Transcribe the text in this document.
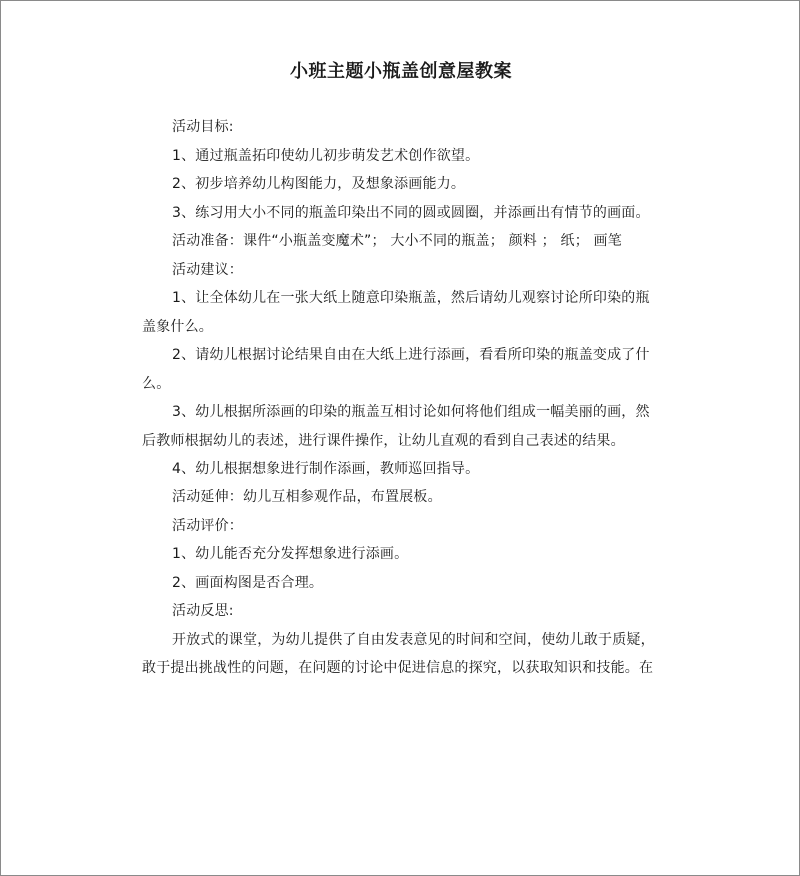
小班主题小瓶盖创意屋教案
活动目标:
1、通过瓶盖拓印使幼儿初步萌发艺术创作欲望。
2、初步培养幼儿构图能力，及想象添画能力。
3、练习用大小不同的瓶盖印染出不同的圆或圆圈，并添画出有情节的画面。
活动准备：课件“小瓶盖变魔术”； 大小不同的瓶盖； 颜料 ； 纸； 画笔
活动建议：
1、让全体幼儿在一张大纸上随意印染瓶盖，然后请幼儿观察讨论所印染的瓶
盖象什么。
2、请幼儿根据讨论结果自由在大纸上进行添画，看看所印染的瓶盖变成了什
么。
3、幼儿根据所添画的印染的瓶盖互相讨论如何将他们组成一幅美丽的画，然
后教师根据幼儿的表述，进行课件操作，让幼儿直观的看到自己表述的结果。
4、幼儿根据想象进行制作添画，教师巡回指导。
活动延伸：幼儿互相参观作品，布置展板。
活动评价：
1、幼儿能否充分发挥想象进行添画。
2、画面构图是否合理。
活动反思:
开放式的课堂，为幼儿提供了自由发表意见的时间和空间，使幼儿敢于质疑，
敢于提出挑战性的问题，在问题的讨论中促进信息的探究，以获取知识和技能。在
